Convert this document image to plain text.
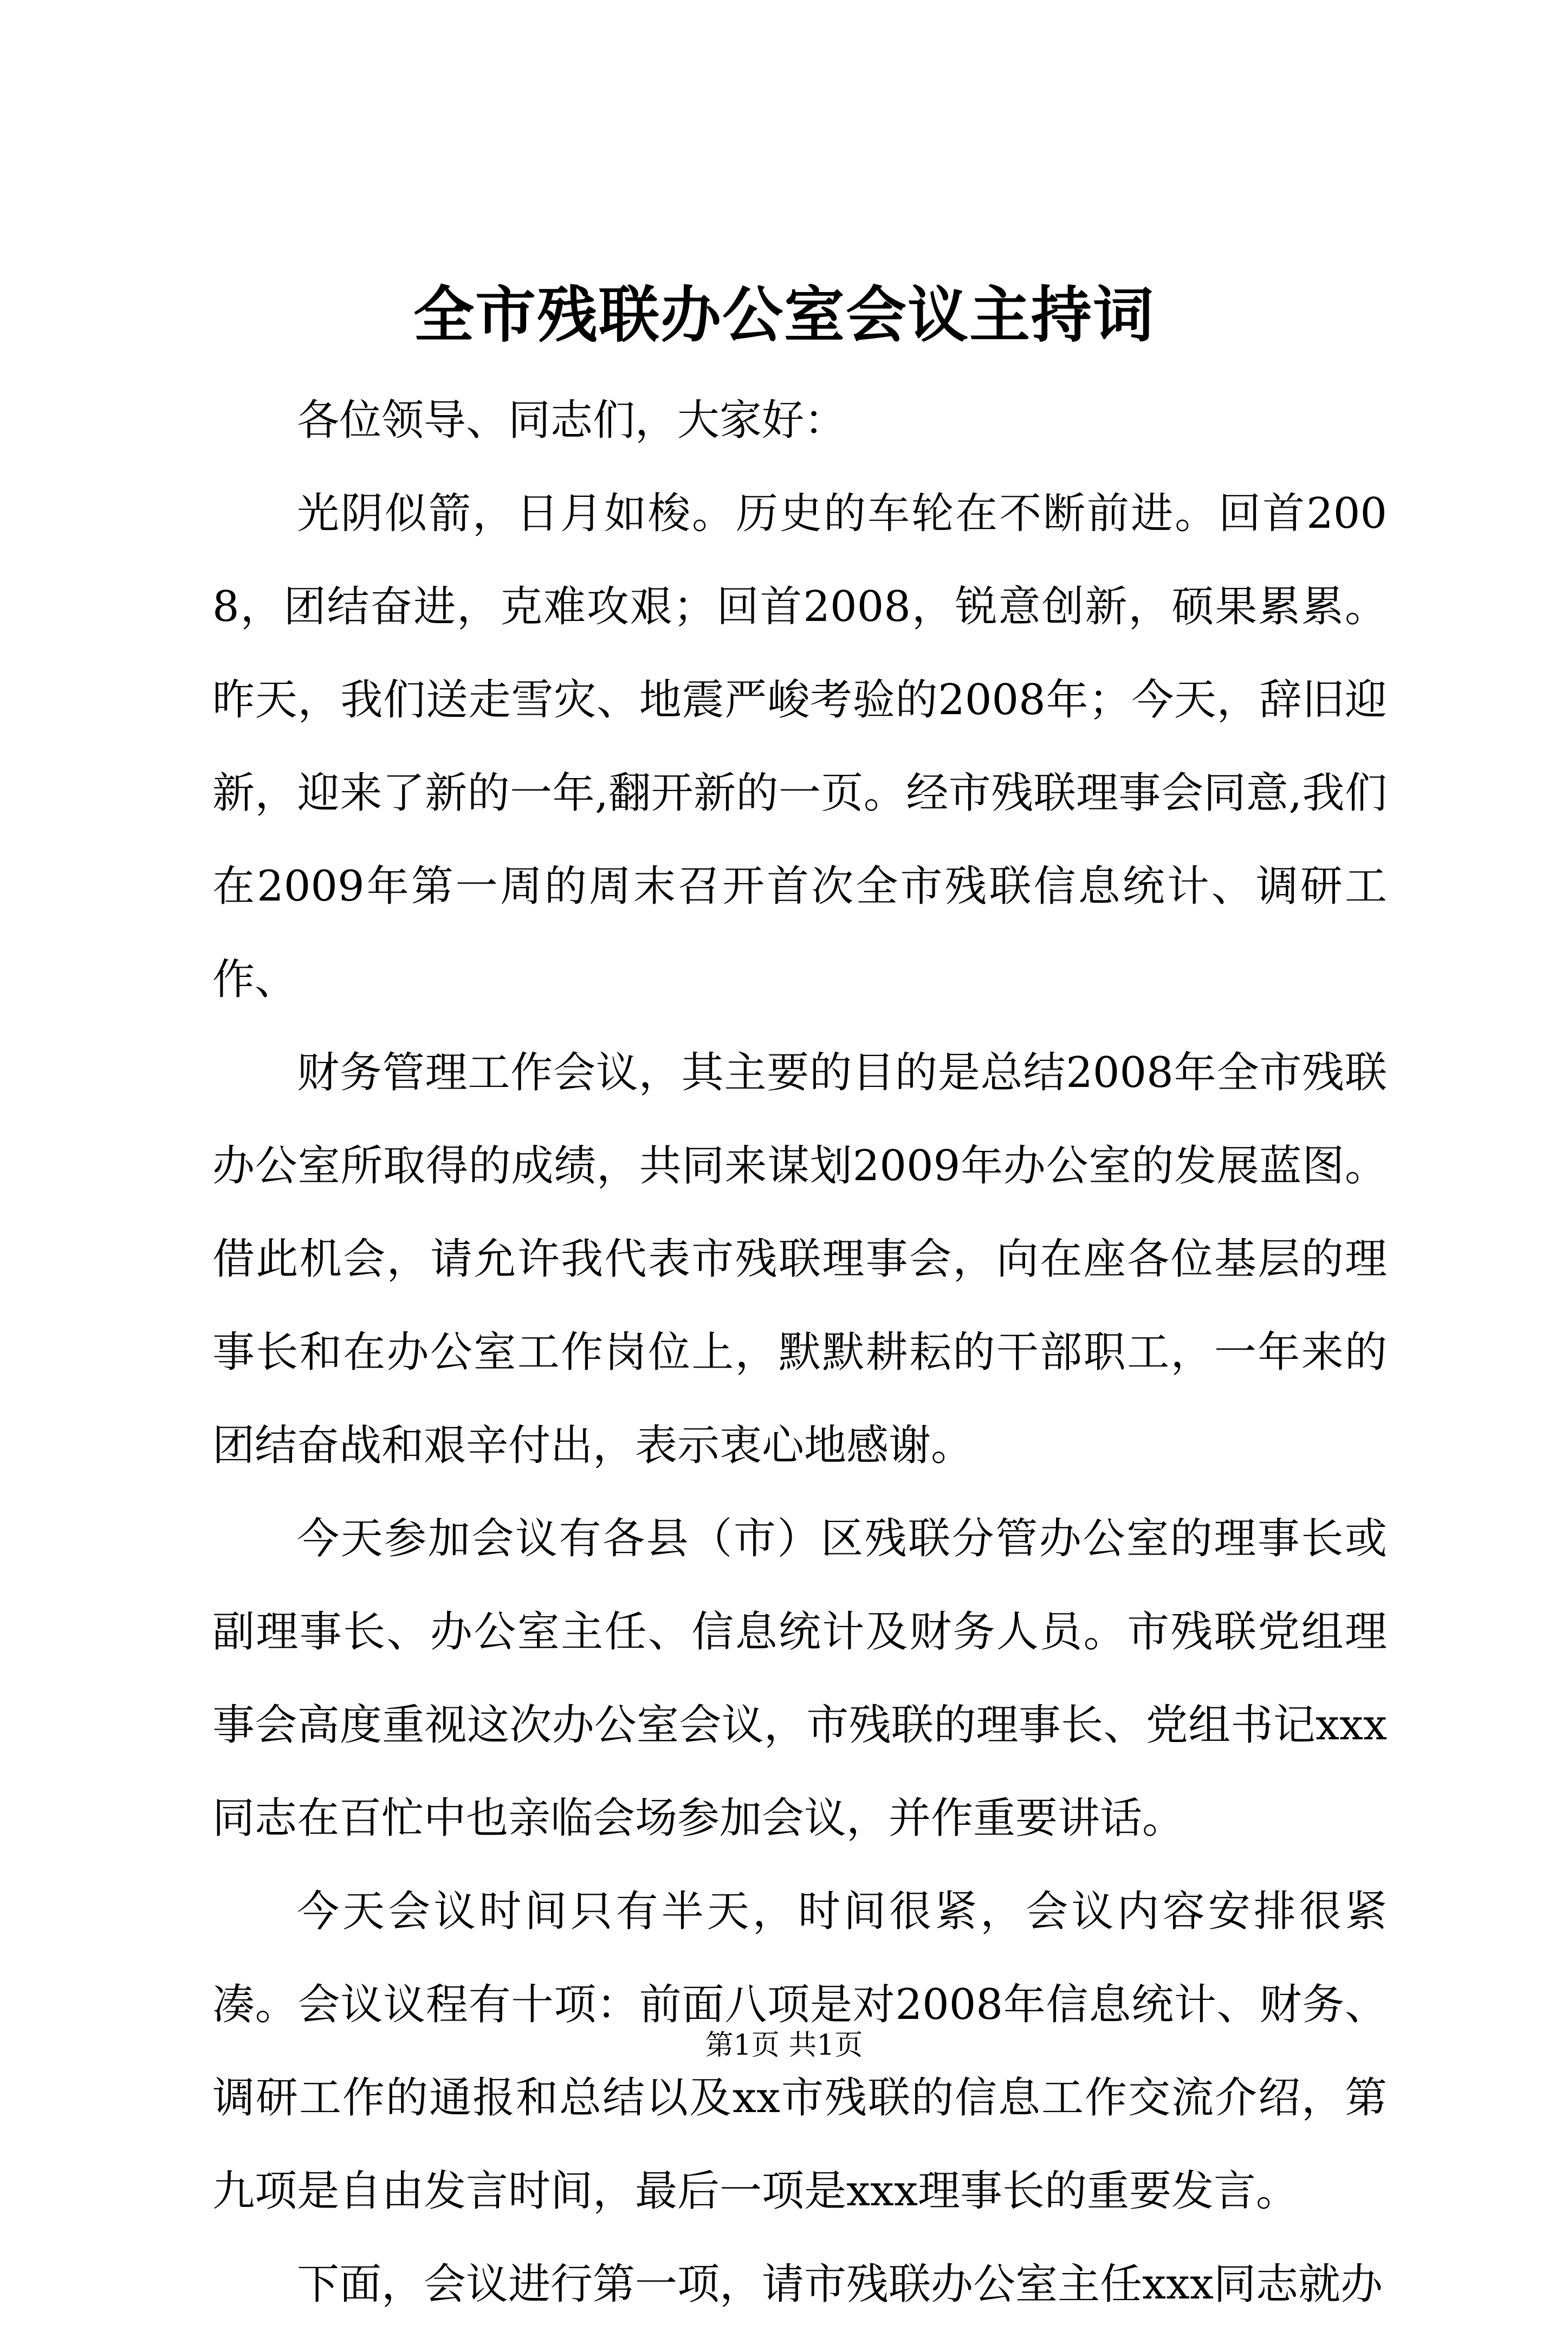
全市残联办公室会议主持词

各位领导、同志们，大家好：

光阴似箭，日月如梭。历史的车轮在不断前进。回首2008，团结奋进，克难攻艰；回首2008，锐意创新，硕果累累。昨天，我们送走雪灾、地震严峻考验的2008年；今天，辞旧迎新，迎来了新的一年,翻开新的一页。经市残联理事会同意,我们在2009年第一周的周末召开首次全市残联信息统计、调研工作、

财务管理工作会议，其主要的目的是总结2008年全市残联办公室所取得的成绩，共同来谋划2009年办公室的发展蓝图。借此机会，请允许我代表市残联理事会，向在座各位基层的理事长和在办公室工作岗位上，默默耕耘的干部职工，一年来的团结奋战和艰辛付出，表示衷心地感谢。

今天参加会议有各县（市）区残联分管办公室的理事长或副理事长、办公室主任、信息统计及财务人员。市残联党组理事会高度重视这次办公室会议，市残联的理事长、党组书记xxx同志在百忙中也亲临会场参加会议，并作重要讲话。

今天会议时间只有半天，时间很紧，会议内容安排很紧凑。会议议程有十项：前面八项是对2008年信息统计、财务、调研工作的通报和总结以及xx市残联的信息工作交流介绍，第九项是自由发言时间，最后一项是xxx理事长的重要发言。

下面，会议进行第一项，请市残联办公室主任xxx同志就办

第1页 共1页
